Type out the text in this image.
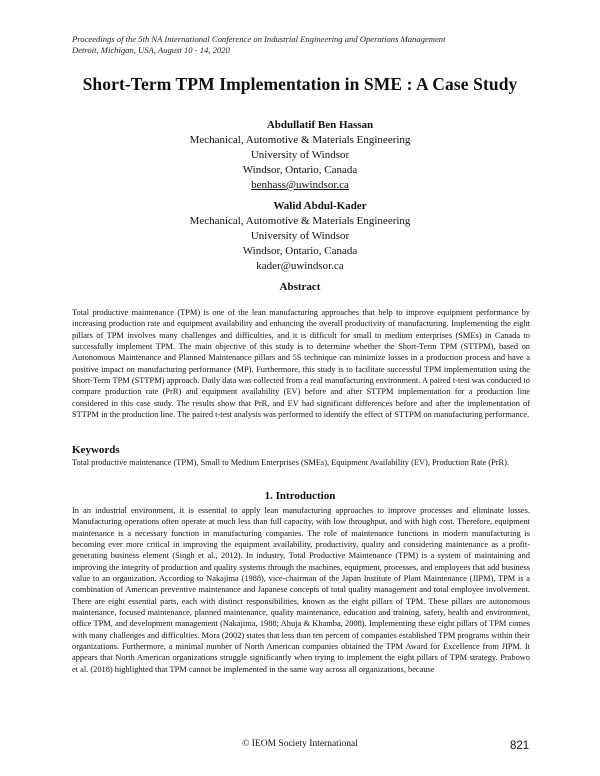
Proceedings of the 5th NA International Conference on Industrial Engineering and Operations Management
Detroit, Michigan, USA, August 10 - 14, 2020
Short-Term TPM Implementation in SME : A Case Study
Abdullatif Ben Hassan
Mechanical, Automotive & Materials Engineering
University of Windsor
Windsor, Ontario, Canada
benhass@uwindsor.ca
Walid Abdul-Kader
Mechanical, Automotive & Materials Engineering
University of Windsor
Windsor, Ontario, Canada
kader@uwindsor.ca
Abstract
Total productive maintenance (TPM) is one of the lean manufacturing approaches that help to improve equipment performance by increasing production rate and equipment availability and enhancing the overall productivity of manufacturing. Implementing the eight pillars of TPM involves many challenges and difficulties, and it is difficult for small to medium enterprises (SMEs) in Canada to successfully implement TPM. The main objective of this study is to determine whether the Short-Term TPM (STTPM), based on Autonomous Maintenance and Planned Maintenance pillars and 5S technique can minimize losses in a production process and have a positive impact on manufacturing performance (MP). Furthermore, this study is to facilitate successful TPM implementation using the Short-Term TPM (STTPM) approach. Daily data was collected from a real manufacturing environment. A paired t-test was conducted to compare production rate (PrR) and equipment availability (EV) before and after STTPM implementation for a production line considered in this case study. The results show that PrR, and EV had significant differences before and after the implementation of STTPM in the production line. The paired t-test analysis was performed to identify the effect of STTPM on manufacturing performance.
Keywords
Total productive maintenance (TPM), Small to Medium Enterprises (SMEs), Equipment Availability (EV), Production Rate (PrR).
1. Introduction
In an industrial environment, it is essential to apply lean manufacturing approaches to improve processes and eliminate losses. Manufacturing operations often operate at much less than full capacity, with low throughput, and with high cost. Therefore, equipment maintenance is a necessary function in manufacturing companies. The role of maintenance functions in modern manufacturing is becoming ever more critical in improving the equipment availability, productivity, quality and considering maintenance as a profit-generating business element (Singh et al., 2012). In industry, Total Productive Maintenance (TPM) is a system of maintaining and improving the integrity of production and quality systems through the machines, equipment, processes, and employees that add business value to an organization. According to Nakajima (1988), vice-chairman of the Japan Institute of Plant Maintenance (JIPM), TPM is a combination of American preventive maintenance and Japanese concepts of total quality management and total employee involvement. There are eight essential parts, each with distinct responsibilities, known as the eight pillars of TPM. These pillars are autonomous maintenance, focused maintenance, planned maintenance, quality maintenance, education and training, safety, health and environment, office TPM, and development management (Nakajima, 1988; Ahuja & Khamba, 2008). Implementing these eight pillars of TPM comes with many challenges and difficulties. Mora (2002) states that less than ten percent of companies established TPM programs within their organizations. Furthermore, a minimal number of North American companies obtained the TPM Award for Excellence from JIPM. It appears that North American organizations struggle significantly when trying to implement the eight pillars of TPM strategy. Prabowo et al. (2018) highlighted that TPM cannot be implemented in the same way across all organizations, because
© IEOM Society International	821
